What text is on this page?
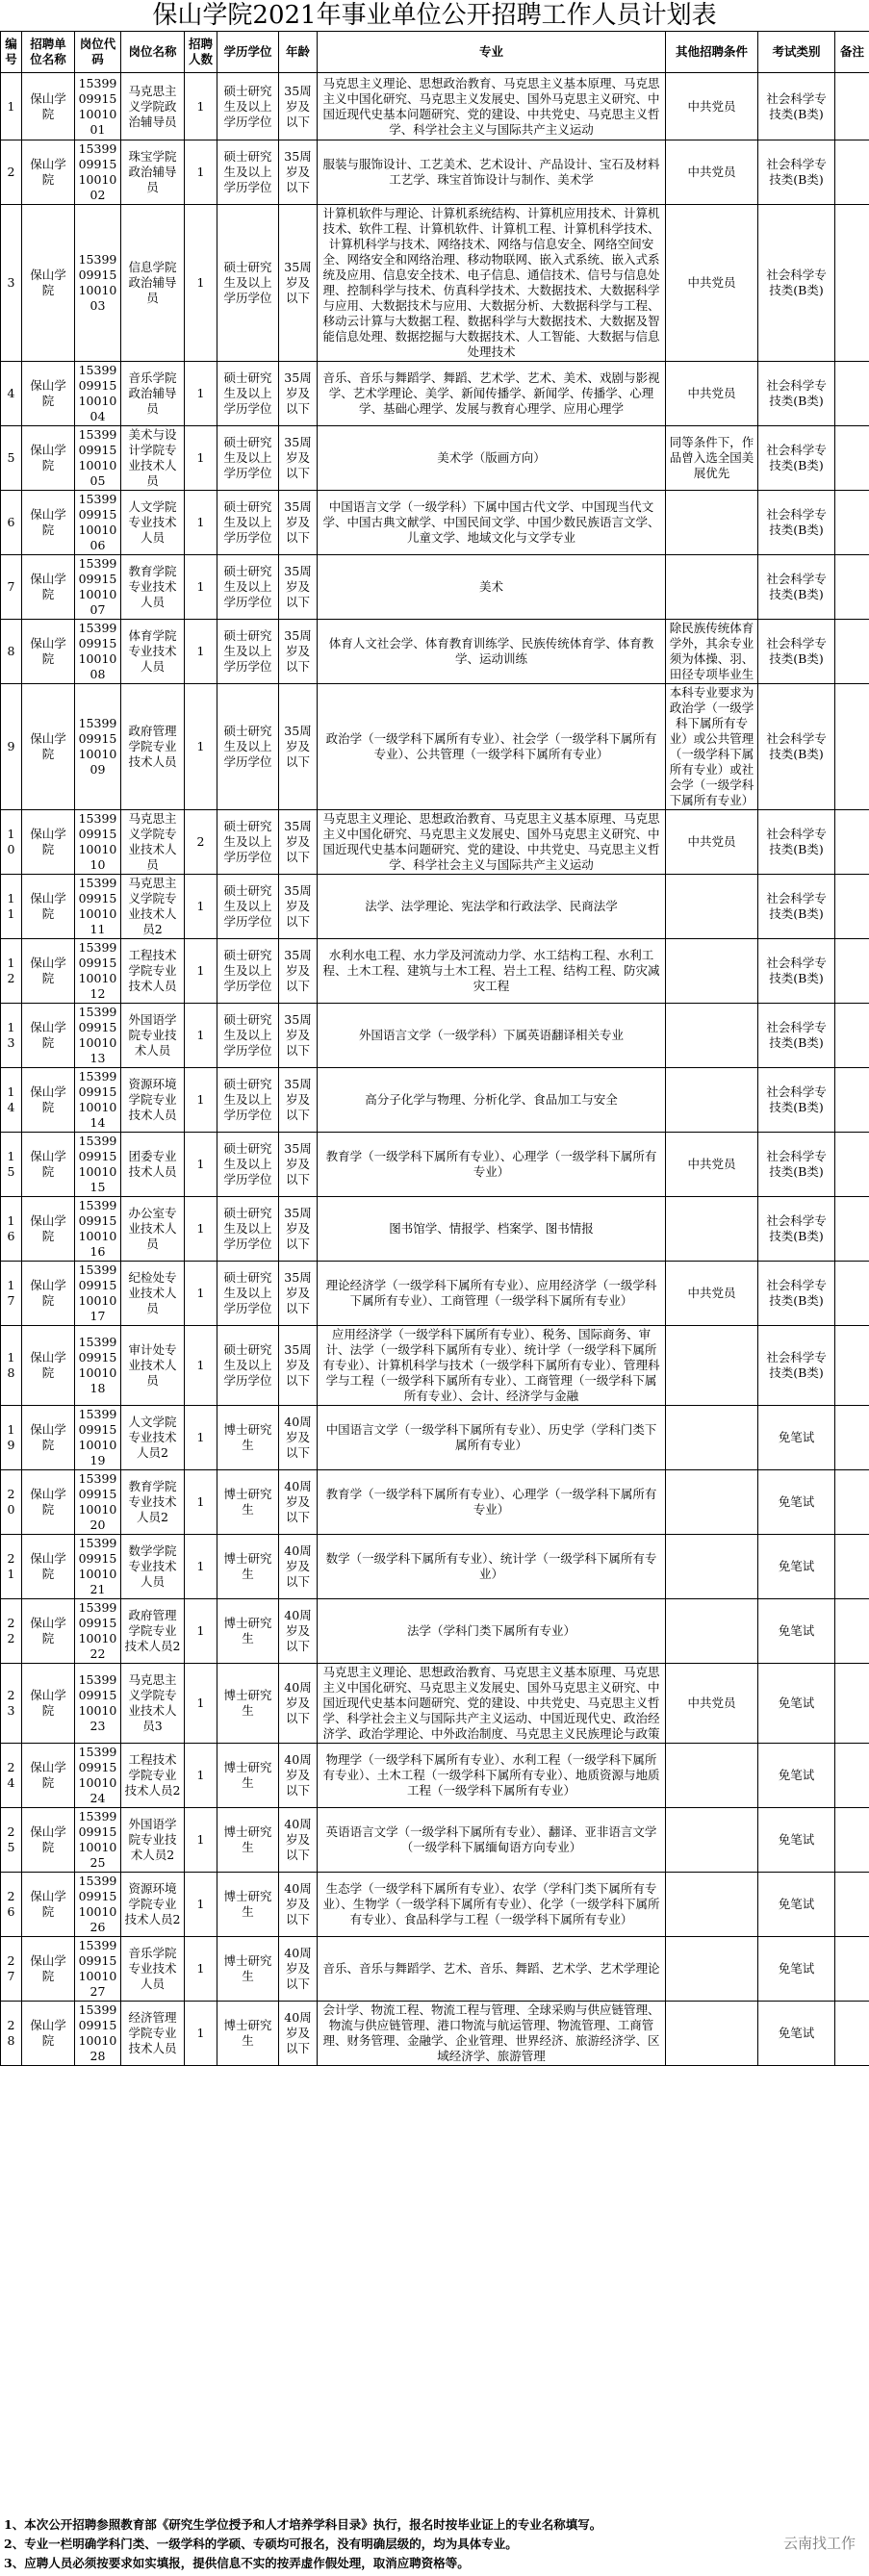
保山学院2021年事业单位公开招聘工作人员计划表
编号	招聘单位名称	岗位代码	岗位名称	招聘人数	学历学位	年龄	专业	其他招聘条件	考试类别	备注
1	保山学院	15399 09915 10010 01	马克思主义学院政治辅导员	1	硕士研究生及以上学历学位	35周岁及以下	马克思主义理论、思想政治教育、马克思主义基本原理、马克思主义中国化研究、马克思主义发展史、国外马克思主义研究、中国近现代史基本问题研究、党的建设、中共党史、马克思主义哲学、科学社会主义与国际共产主义运动	中共党员	社会科学专技类(B类)	
2	保山学院	15399 09915 10010 02	珠宝学院政治辅导员	1	硕士研究生及以上学历学位	35周岁及以下	服装与服饰设计、工艺美术、艺术设计、产品设计、宝石及材料工艺学、珠宝首饰设计与制作、美术学	中共党员	社会科学专技类(B类)	
3	保山学院	15399 09915 10010 03	信息学院政治辅导员	1	硕士研究生及以上学历学位	35周岁及以下	计算机软件与理论、计算机系统结构、计算机应用技术、计算机技术、软件工程、计算机软件、计算机工程、计算机科学技术、计算机科学与技术、网络技术、网络与信息安全、网络空间安全、网络安全和网络治理、移动物联网、嵌入式系统、嵌入式系统及应用、信息安全技术、电子信息、通信技术、信号与信息处理、控制科学与技术、仿真科学技术、大数据技术、大数据科学与应用、大数据技术与应用、大数据分析、大数据科学与工程、移动云计算与大数据工程、数据科学与大数据技术、大数据及智能信息处理、数据挖掘与大数据技术、人工智能、大数据与信息处理技术	中共党员	社会科学专技类(B类)	
4	保山学院	15399 09915 10010 04	音乐学院政治辅导员	1	硕士研究生及以上学历学位	35周岁及以下	音乐、音乐与舞蹈学、舞蹈、艺术学、艺术、美术、戏剧与影视学、艺术学理论、美学、新闻传播学、新闻学、传播学、心理学、基础心理学、发展与教育心理学、应用心理学	中共党员	社会科学专技类(B类)	
5	保山学院	15399 09915 10010 05	美术与设计学院专业技术人员	1	硕士研究生及以上学历学位	35周岁及以下	美术学（版画方向）	同等条件下，作品曾入选全国美展优先	社会科学专技类(B类)	
6	保山学院	15399 09915 10010 06	人文学院专业技术人员	1	硕士研究生及以上学历学位	35周岁及以下	中国语言文学（一级学科）下属中国古代文学、中国现当代文学、中国古典文献学、中国民间文学、中国少数民族语言文学、儿童文学、地域文化与文学专业		社会科学专技类(B类)	
7	保山学院	15399 09915 10010 07	教育学院专业技术人员	1	硕士研究生及以上学历学位	35周岁及以下	美术		社会科学专技类(B类)	
8	保山学院	15399 09915 10010 08	体育学院专业技术人员	1	硕士研究生及以上学历学位	35周岁及以下	体育人文社会学、体育教育训练学、民族传统体育学、体育教学、运动训练	除民族传统体育学外，其余专业须为体操、羽、田径专项毕业生	社会科学专技类(B类)	
9	保山学院	15399 09915 10010 09	政府管理学院专业技术人员	1	硕士研究生及以上学历学位	35周岁及以下	政治学（一级学科下属所有专业）、社会学（一级学科下属所有专业）、公共管理（一级学科下属所有专业）	本科专业要求为政治学（一级学科下属所有专业）或公共管理（一级学科下属所有专业）或社会学（一级学科下属所有专业）	社会科学专技类(B类)	
10	保山学院	15399 09915 10010 10	马克思主义学院专业技术人员	2	硕士研究生及以上学历学位	35周岁及以下	马克思主义理论、思想政治教育、马克思主义基本原理、马克思主义中国化研究、马克思主义发展史、国外马克思主义研究、中国近现代史基本问题研究、党的建设、中共党史、马克思主义哲学、科学社会主义与国际共产主义运动	中共党员	社会科学专技类(B类)	
11	保山学院	15399 09915 10010 11	马克思主义学院专业技术人员2	1	硕士研究生及以上学历学位	35周岁及以下	法学、法学理论、宪法学和行政法学、民商法学		社会科学专技类(B类)	
12	保山学院	15399 09915 10010 12	工程技术学院专业技术人员	1	硕士研究生及以上学历学位	35周岁及以下	水利水电工程、水力学及河流动力学、水工结构工程、水利工程、土木工程、建筑与土木工程、岩土工程、结构工程、防灾减灾工程		社会科学专技类(B类)	
13	保山学院	15399 09915 10010 13	外国语学院专业技术人员	1	硕士研究生及以上学历学位	35周岁及以下	外国语言文学（一级学科）下属英语翻译相关专业		社会科学专技类(B类)	
14	保山学院	15399 09915 10010 14	资源环境学院专业技术人员	1	硕士研究生及以上学历学位	35周岁及以下	高分子化学与物理、分析化学、食品加工与安全		社会科学专技类(B类)	
15	保山学院	15399 09915 10010 15	团委专业技术人员	1	硕士研究生及以上学历学位	35周岁及以下	教育学（一级学科下属所有专业）、心理学（一级学科下属所有专业）	中共党员	社会科学专技类(B类)	
16	保山学院	15399 09915 10010 16	办公室专业技术人员	1	硕士研究生及以上学历学位	35周岁及以下	图书馆学、情报学、档案学、图书情报		社会科学专技类(B类)	
17	保山学院	15399 09915 10010 17	纪检处专业技术人员	1	硕士研究生及以上学历学位	35周岁及以下	理论经济学（一级学科下属所有专业）、应用经济学（一级学科下属所有专业）、工商管理（一级学科下属所有专业）	中共党员	社会科学专技类(B类)	
18	保山学院	15399 09915 10010 18	审计处专业技术人员	1	硕士研究生及以上学历学位	35周岁及以下	应用经济学（一级学科下属所有专业）、税务、国际商务、审计、法学（一级学科下属所有专业）、统计学（一级学科下属所有专业）、计算机科学与技术（一级学科下属所有专业）、管理科学与工程（一级学科下属所有专业）、工商管理（一级学科下属所有专业）、会计、经济学与金融		社会科学专技类(B类)	
19	保山学院	15399 09915 10010 19	人文学院专业技术人员2	1	博士研究生	40周岁及以下	中国语言文学（一级学科下属所有专业）、历史学（学科门类下属所有专业）		免笔试	
20	保山学院	15399 09915 10010 20	教育学院专业技术人员2	1	博士研究生	40周岁及以下	教育学（一级学科下属所有专业）、心理学（一级学科下属所有专业）		免笔试	
21	保山学院	15399 09915 10010 21	数学学院专业技术人员	1	博士研究生	40周岁及以下	数学（一级学科下属所有专业）、统计学（一级学科下属所有专业）		免笔试	
22	保山学院	15399 09915 10010 22	政府管理学院专业技术人员2	1	博士研究生	40周岁及以下	法学（学科门类下属所有专业）		免笔试	
23	保山学院	15399 09915 10010 23	马克思主义学院专业技术人员3	1	博士研究生	40周岁及以下	马克思主义理论、思想政治教育、马克思主义基本原理、马克思主义中国化研究、马克思主义发展史、国外马克思主义研究、中国近现代史基本问题研究、党的建设、中共党史、马克思主义哲学、科学社会主义与国际共产主义运动、中国近现代史、政治经济学、政治学理论、中外政治制度、马克思主义民族理论与政策	中共党员	免笔试	
24	保山学院	15399 09915 10010 24	工程技术学院专业技术人员2	1	博士研究生	40周岁及以下	物理学（一级学科下属所有专业）、水利工程（一级学科下属所有专业）、土木工程（一级学科下属所有专业）、地质资源与地质工程（一级学科下属所有专业）		免笔试	
25	保山学院	15399 09915 10010 25	外国语学院专业技术人员2	1	博士研究生	40周岁及以下	英语语言文学（一级学科下属所有专业）、翻译、亚非语言文学（一级学科下属缅甸语方向专业）		免笔试	
26	保山学院	15399 09915 10010 26	资源环境学院专业技术人员2	1	博士研究生	40周岁及以下	生态学（一级学科下属所有专业）、农学（学科门类下属所有专业）、生物学（一级学科下属所有专业）、化学（一级学科下属所有专业）、食品科学与工程（一级学科下属所有专业）		免笔试	
27	保山学院	15399 09915 10010 27	音乐学院专业技术人员	1	博士研究生	40周岁及以下	音乐、音乐与舞蹈学、艺术、音乐、舞蹈、艺术学、艺术学理论		免笔试	
28	保山学院	15399 09915 10010 28	经济管理学院专业技术人员	1	博士研究生	40周岁及以下	会计学、物流工程、物流工程与管理、全球采购与供应链管理、物流与供应链管理、港口物流与航运管理、物流管理、工商管理、财务管理、金融学、企业管理、世界经济、旅游经济学、区域经济学、旅游管理		免笔试	
1、本次公开招聘参照教育部《研究生学位授予和人才培养学科目录》执行，报名时按毕业证上的专业名称填写。
2、专业一栏明确学科门类、一级学科的学硕、专硕均可报名，没有明确层级的，均为具体专业。
3、应聘人员必须按要求如实填报，提供信息不实的按弄虚作假处理，取消应聘资格等。
云南找工作
